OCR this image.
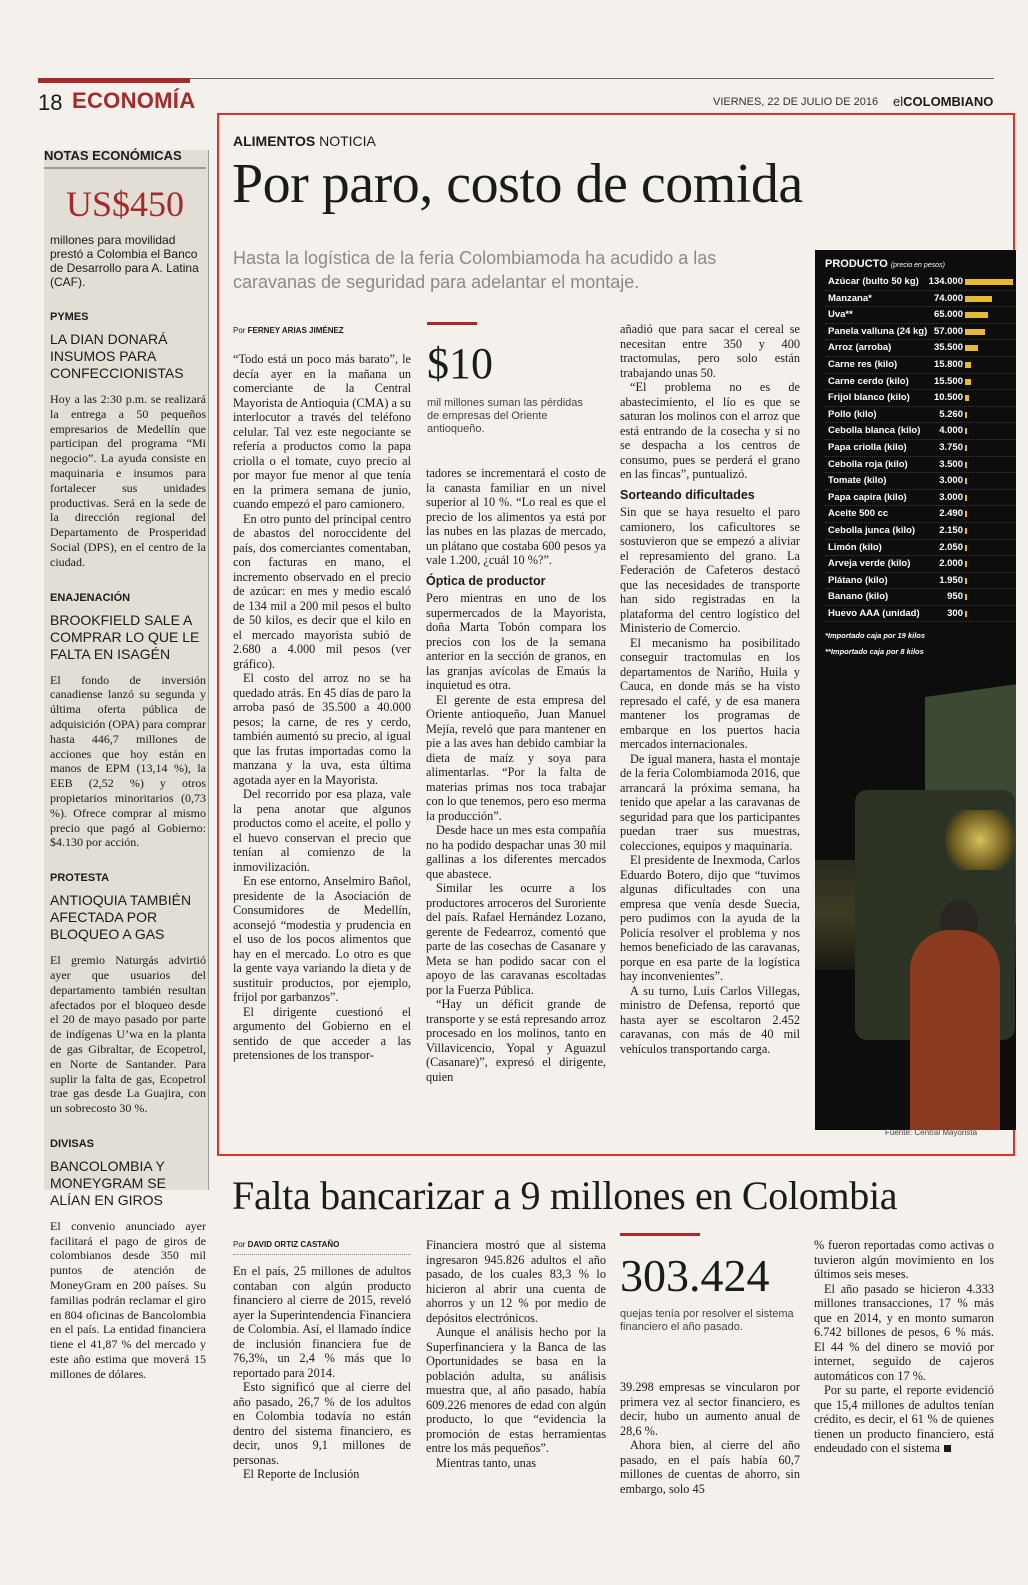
18 ECONOMÍA	VIERNES, 22 DE JULIO DE 2016 elCOLOMBIANO
NOTAS ECONÓMICAS
US$450
millones para movilidad prestó a Colombia el Banco de Desarrollo para A. Latina (CAF).
PYMES
LA DIAN DONARÁ INSUMOS PARA CONFECCIONISTAS
Hoy a las 2:30 p.m. se realizará la entrega a 50 pequeños empresarios de Medellín que participan del programa “Mi negocio”. La ayuda consiste en maquinaria e insumos para fortalecer sus unidades productivas. Será en la sede de la dirección regional del Departamento de Prosperidad Social (DPS), en el centro de la ciudad.
ENAJENACIÓN
BROOKFIELD SALE A COMPRAR LO QUE LE FALTA EN ISAGÉN
El fondo de inversión canadiense lanzó su segunda y última oferta pública de adquisición (OPA) para comprar hasta 446,7 millones de acciones que hoy están en manos de EPM (13,14 %), la EEB (2,52 %) y otros propietarios minoritarios (0,73 %). Ofrece comprar al mismo precio que pagó al Gobierno: $4.130 por acción.
PROTESTA
ANTIOQUIA TAMBIÉN AFECTADA POR BLOQUEO A GAS
El gremio Naturgás advirtió ayer que usuarios del departamento también resultan afectados por el bloqueo desde el 20 de mayo pasado por parte de indígenas U’wa en la planta de gas Gibraltar, de Ecopetrol, en Norte de Santander. Para suplir la falta de gas, Ecopetrol trae gas desde La Guajira, con un sobrecosto 30 %.
DIVISAS
BANCOLOMBIA Y MONEYGRAM SE ALÍAN EN GIROS
El convenio anunciado ayer facilitará el pago de giros de colombianos desde 350 mil puntos de atención de MoneyGram en 200 países. Su familias podrán reclamar el giro en 804 oficinas de Bancolombia en el país. La entidad financiera tiene el 41,87 % del mercado y este año estima que moverá 15 millones de dólares.
ALIMENTOS NOTICIA
Por paro, costo de comida
Hasta la logística de la feria Colombiamoda ha acudido a las caravanas de seguridad para adelantar el montaje.
Por FERNEY ARIAS JIMÉNEZ

“Todo está un poco más barato”, le decía ayer en la mañana un comerciante de la Central Mayorista de Antioquia (CMA) a su interlocutor a través del teléfono celular. Tal vez este negociante se refería a productos como la papa criolla o el tomate, cuyo precio al por mayor fue menor al que tenía en la primera semana de junio, cuando empezó el paro camionero.

En otro punto del principal centro de abastos del noroccidente del país, dos comerciantes comentaban, con facturas en mano, el incremento observado en el precio de azúcar: en mes y medio escaló de 134 mil a 200 mil pesos el bulto de 50 kilos, es decir que el kilo en el mercado mayorista subió de 2.680 a 4.000 mil pesos (ver gráfico).

El costo del arroz no se ha quedado atrás. En 45 días de paro la arroba pasó de 35.500 a 40.000 pesos; la carne, de res y cerdo, también aumentó su precio, al igual que las frutas importadas como la manzana y la uva, esta última agotada ayer en la Mayorista.

Del recorrido por esa plaza, vale la pena anotar que algunos productos como el aceite, el pollo y el huevo conservan el precio que tenían al comienzo de la inmovilización.

En ese entorno, Anselmiro Bañol, presidente de la Asociación de Consumidores de Medellín, aconsejó “modestia y prudencia en el uso de los pocos alimentos que hay en el mercado. Lo otro es que la gente vaya variando la dieta y de sustituir productos, por ejemplo, frijol por garbanzos”.

El dirigente cuestionó el argumento del Gobierno en el sentido de que acceder a las pretensiones de los transpor-

$10
mil millones suman las pérdidas de empresas del Oriente antioqueño.

tadores se incrementará el costo de la canasta familiar en un nivel superior al 10 %. “Lo real es que el precio de los alimentos ya está por las nubes en las plazas de mercado, un plátano que costaba 600 pesos ya vale 1.200, ¿cuál 10 %?”.

Óptica de productor

Pero mientras en uno de los supermercados de la Mayorista, doña Marta Tobón compara los precios con los de la semana anterior en la sección de granos, en las granjas avícolas de Emaús la inquietud es otra.

El gerente de esta empresa del Oriente antioqueño, Juan Manuel Mejía, reveló que para mantener en pie a las aves han debido cambiar la dieta de maíz y soya para alimentarlas. “Por la falta de materias primas nos toca trabajar con lo que tenemos, pero eso merma la producción”.

Desde hace un mes esta compañía no ha podido despachar unas 30 mil gallinas a los diferentes mercados que abastece.

Similar les ocurre a los productores arroceros del Suroriente del país. Rafael Hernández Lozano, gerente de Fedearroz, comentó que parte de las cosechas de Casanare y Meta se han podido sacar con el apoyo de las caravanas escoltadas por la Fuerza Pública.

“Hay un déficit grande de transporte y se está represando arroz procesado en los molinos, tanto en Villavicencio, Yopal y Aguazul (Casanare)”, expresó el dirigente, quien

añadió que para sacar el cereal se necesitan entre 350 y 400 tractomulas, pero solo están trabajando unas 50.

“El problema no es de abastecimiento, el lío es que se saturan los molinos con el arroz que está entrando de la cosecha y si no se despacha a los centros de consumo, pues se perderá el grano en las fincas”, puntualizó.

Sorteando dificultades

Sin que se haya resuelto el paro camionero, los caficultores se sostuvieron que se empezó a aliviar el represamiento del grano. La Federación de Cafeteros destacó que las necesidades de transporte han sido registradas en la plataforma del centro logístico del Ministerio de Comercio.

El mecanismo ha posibilitado conseguir tractomulas en los departamentos de Nariño, Huila y Cauca, en donde más se ha visto represado el café, y de esa manera mantener los programas de embarque en los puertos hacia mercados internacionales.

De igual manera, hasta el montaje de la feria Colombiamoda 2016, que arrancará la próxima semana, ha tenido que apelar a las caravanas de seguridad para que los participantes puedan traer sus muestras, colecciones, equipos y maquinaria.

El presidente de Inexmoda, Carlos Eduardo Botero, dijo que “tuvimos algunas dificultades con una empresa que venía desde Suecia, pero pudimos con la ayuda de la Policía resolver el problema y nos hemos beneficiado de las caravanas, porque en esa parte de la logística hay inconvenientes”.

A su turno, Luis Carlos Villegas, ministro de Defensa, reportó que hasta ayer se escoltaron 2.452 caravanas, con más de 40 mil vehículos transportando carga.

PRODUCTO (precio en pesos)
Azúcar (bulto 50 kg) 134.000
Manzana*	74.000
Uva**	65.000
Panela valluna (24 kg) 57.000
Arroz (arroba)	35.500
Carne res (kilo)	15.800
Carne cerdo (kilo)	15.500
Frijol blanco (kilo)	10.500
Pollo (kilo)	5.260
Cebolla blanca (kilo) 4.000
Papa criolla (kilo)	3.750
Cebolla roja (kilo)	3.500
Tomate (kilo)	3.000
Papa capira (kilo)	3.000
Aceite 500 cc	2.490
Cebolla junca (kilo)	2.150
Limón (kilo)	2.050
Arveja verde (kilo)	2.000
Plátano (kilo)	1.950
Banano (kilo)	950
Huevo AAA (unidad)	300
*Importado caja por 19 kilos
**Importado caja por 8 kilos
Fuente: Central Mayorista
Falta bancarizar a 9 millones en Colombia
Por DAVID ORTIZ CASTAÑO

En el país, 25 millones de adultos contaban con algún producto financiero al cierre de 2015, reveló ayer la Superintendencia Financiera de Colombia. Así, el llamado índice de inclusión financiera fue de 76,3%, un 2,4 % más que lo reportado para 2014.

Esto significó que al cierre del año pasado, 26,7 % de los adultos en Colombia todavía no están dentro del sistema financiero, es decir, unos 9,1 millones de personas.

El Reporte de Inclusión

Financiera mostró que al sistema ingresaron 945.826 adultos el año pasado, de los cuales 83,3 % lo hicieron al abrir una cuenta de ahorros y un 12 % por medio de depósitos electrónicos.

Aunque el análisis hecho por la Superfinanciera y la Banca de las Oportunidades se basa en la población adulta, su análisis muestra que, al año pasado, había 609.226 menores de edad con algún producto, lo que “evidencia la promoción de estas herramientas entre los más pequeños”.

Mientras tanto, unas

303.424
quejas tenía por resolver el sistema financiero el año pasado.

39.298 empresas se vincularon por primera vez al sector financiero, es decir, hubo un aumento anual de 28,6 %.

Ahora bien, al cierre del año pasado, en el país había 60,7 millones de cuentas de ahorro, sin embargo, solo 45

% fueron reportadas como activas o tuvieron algún movimiento en los últimos seis meses.

El año pasado se hicieron 4.333 millones transacciones, 17 % más que en 2014, y en monto sumaron 6.742 billones de pesos, 6 % más. El 44 % del dinero se movió por internet, seguido de cajeros automáticos con 17 %.

Por su parte, el reporte evidenció que 15,4 millones de adultos tenían crédito, es decir, el 61 % de quienes tienen un producto financiero, está endeudado con el sistema
